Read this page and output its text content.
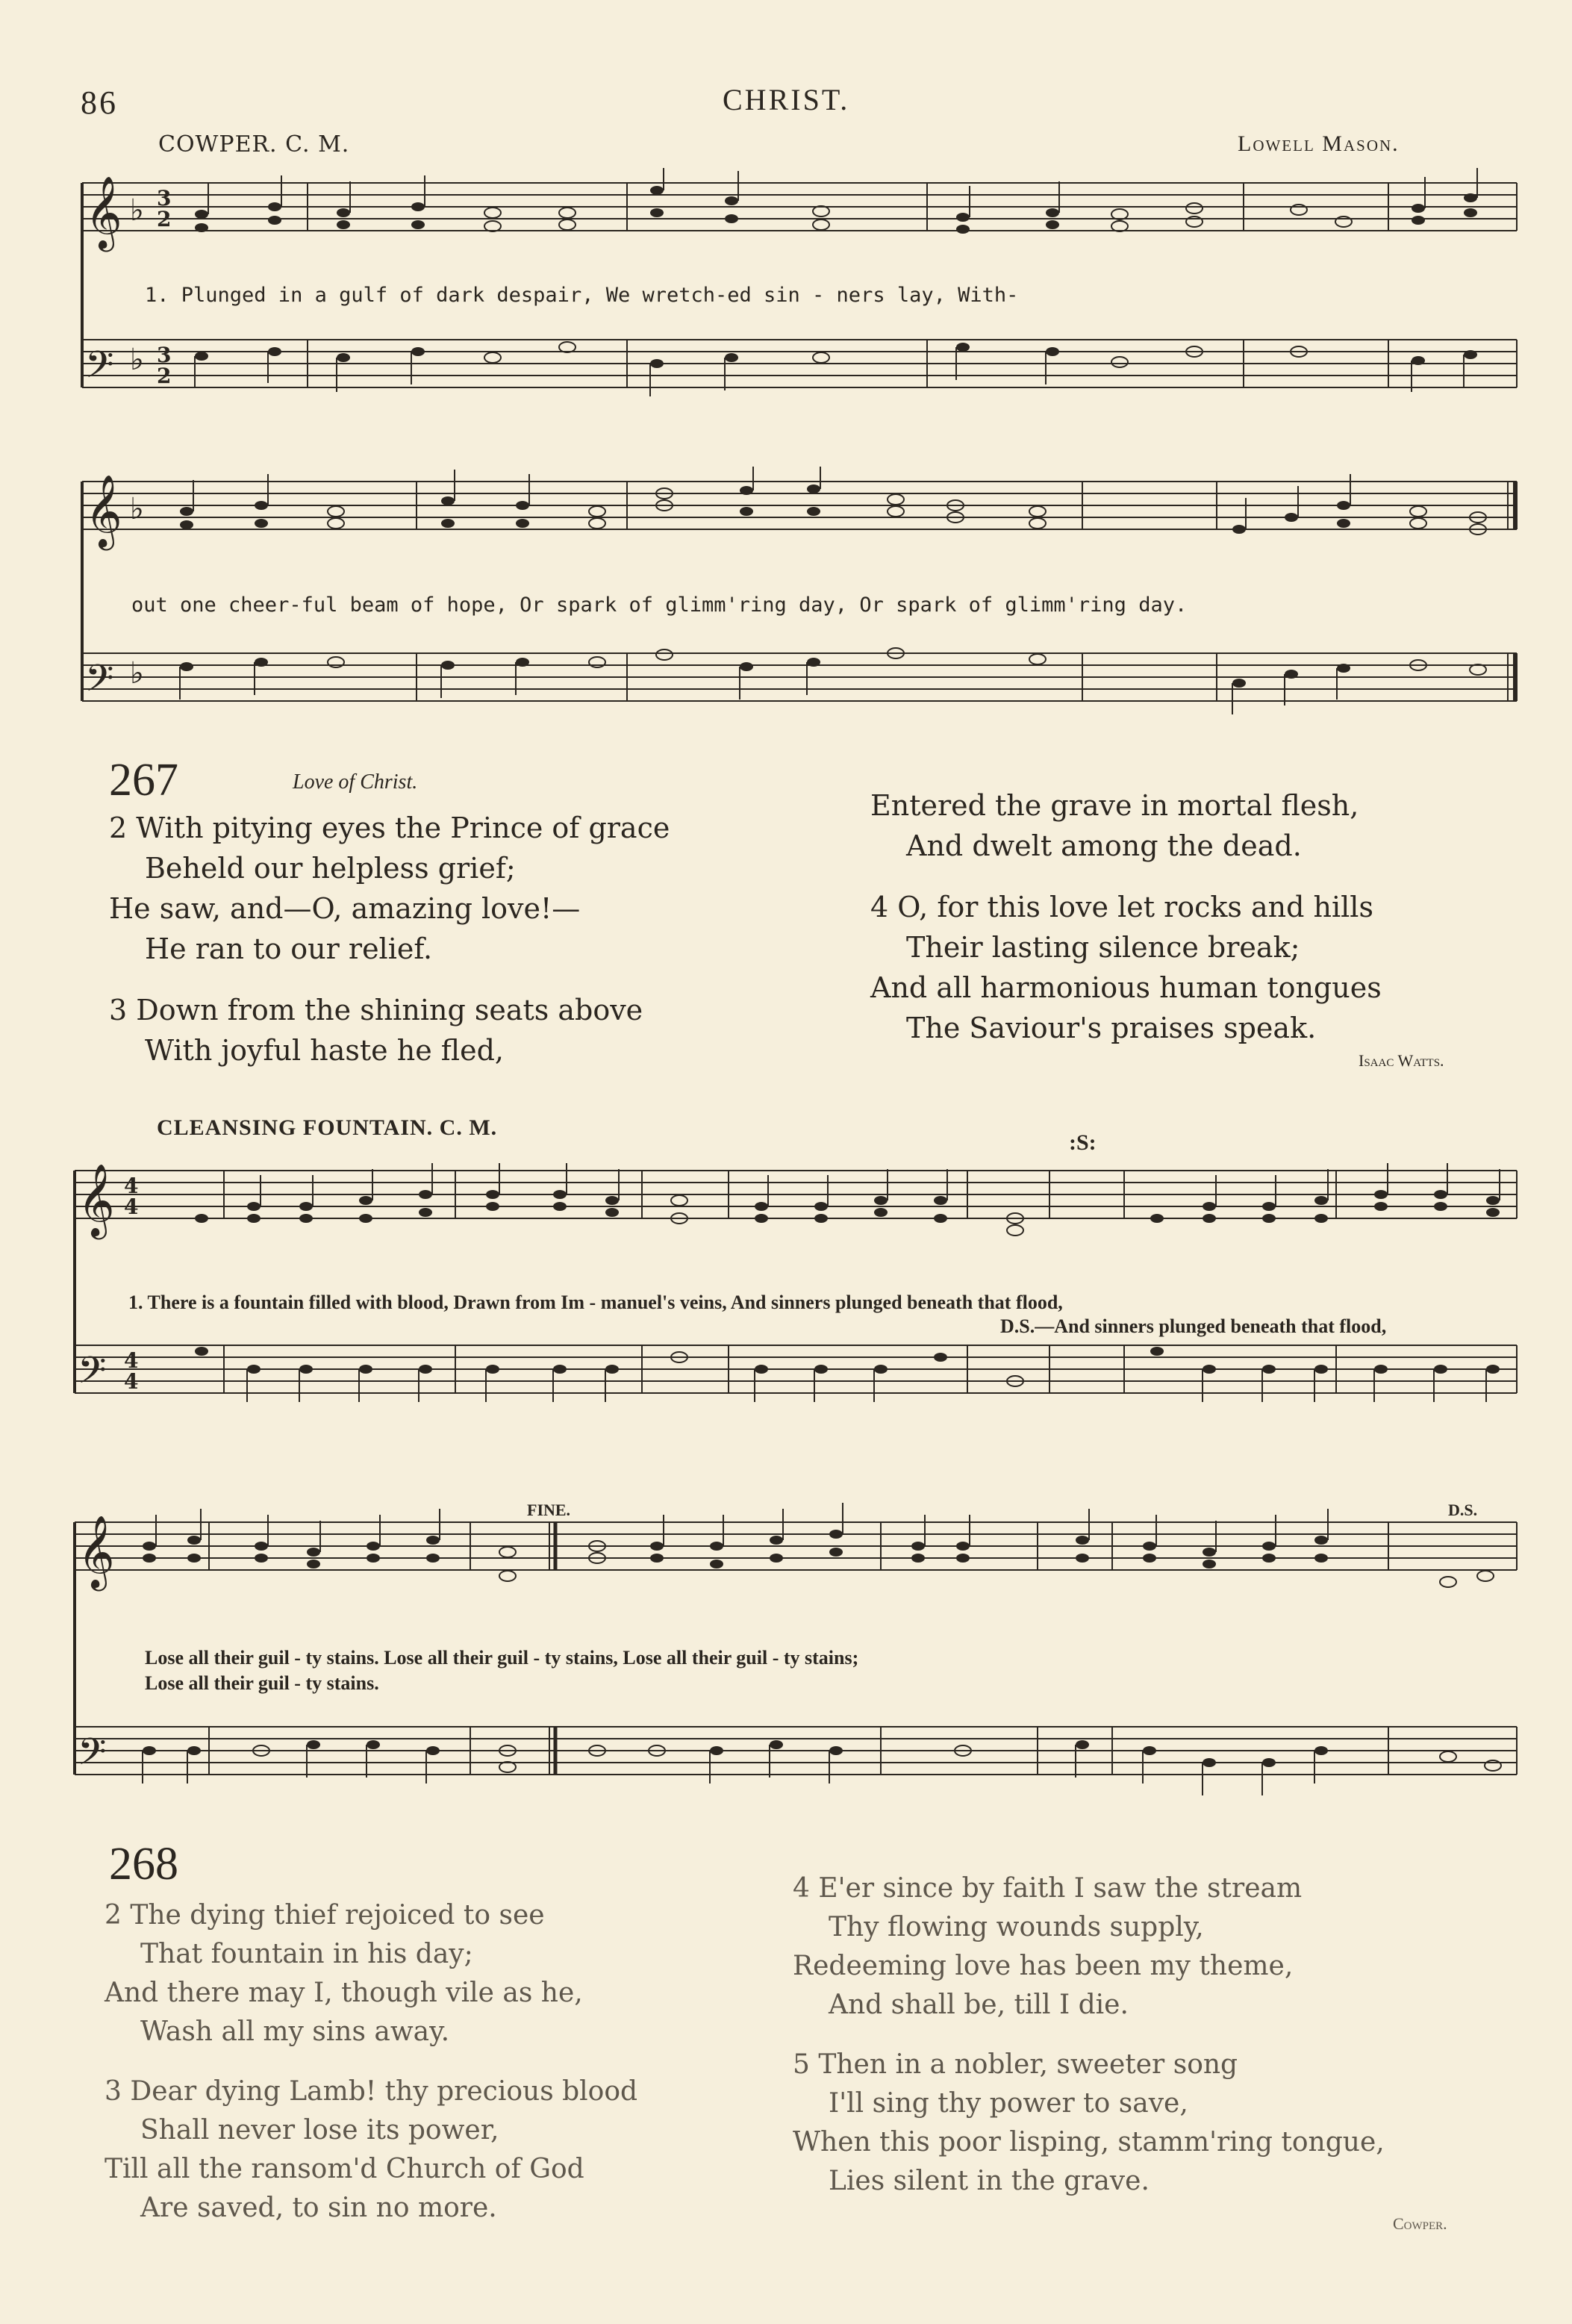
86	CHRIST.
COWPER. C. M.	Lowell Mason.
𝄞
𝄢
♭
♭
3
2
3
2
1. Plunged in a gulf of dark despair, We wretch-ed sin - ners lay, With-
𝄞
𝄢
♭
♭
out one cheer-ful beam of hope, Or spark of glimm'ring day, Or spark of glimm'ring day.
267	Love of Christ.

2 With pitying eyes the Prince of grace

Beheld our helpless grief;

He saw, and—O, amazing love!—

He ran to our relief.

3 Down from the shining seats above

With joyful haste he fled,

Entered the grave in mortal flesh,

And dwelt among the dead.

4 O, for this love let rocks and hills

Their lasting silence break;

And all harmonious human tongues

The Saviour's praises speak.

Isaac Watts.
CLEANSING FOUNTAIN. C. M.
:S:
𝄞
𝄢
4
4
4
4
1. There is a fountain filled with blood, Drawn from Im - manuel's veins, And sinners plunged beneath that flood,
D.S.—And sinners plunged beneath that flood,
𝄞
𝄢
FINE.	D.S.
Lose all their guil - ty stains. Lose all their guil - ty stains, Lose all their guil - ty stains;
Lose all their guil - ty stains.
268

2 The dying thief rejoiced to see

That fountain in his day;

And there may I, though vile as he,

Wash all my sins away.

3 Dear dying Lamb! thy precious blood

Shall never lose its power,

Till all the ransom'd Church of God

Are saved, to sin no more.

4 E'er since by faith I saw the stream

Thy flowing wounds supply,

Redeeming love has been my theme,

And shall be, till I die.

5 Then in a nobler, sweeter song

I'll sing thy power to save,

When this poor lisping, stamm'ring tongue,

Lies silent in the grave.

Cowper.
